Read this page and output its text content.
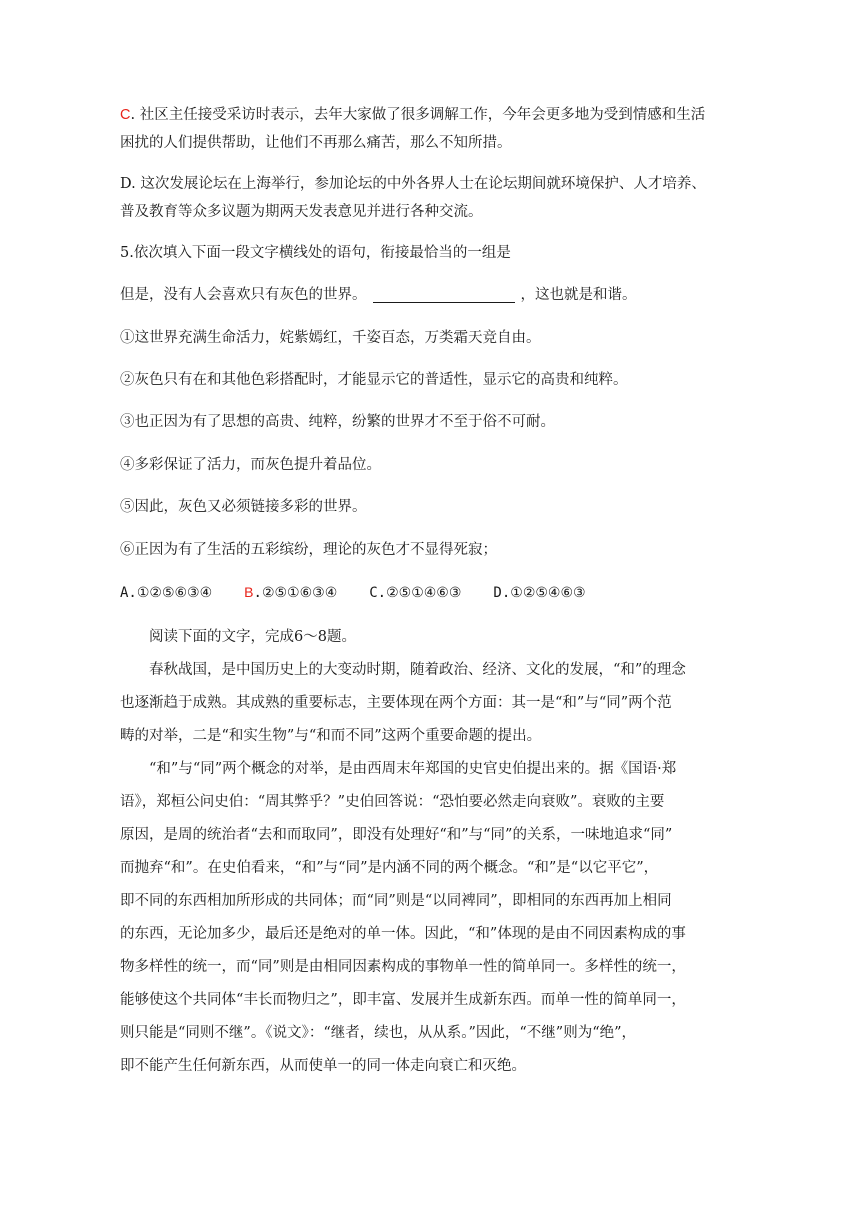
C. 社区主任接受采访时表示，去年大家做了很多调解工作，今年会更多地为受到情感和生活

困扰的人们提供帮助，让他们不再那么痛苦，那么不知所措。

D. 这次发展论坛在上海举行，参加论坛的中外各界人士在论坛期间就环境保护、人才培养、

普及教育等众多议题为期两天发表意见并进行各种交流。

5.依次填入下面一段文字横线处的语句，衔接最恰当的一组是

但是，没有人会喜欢只有灰色的世界。	，这也就是和谐。

①这世界充满生命活力，姹紫嫣红，千姿百态，万类霜天竞自由。

②灰色只有在和其他色彩搭配时，才能显示它的普适性，显示它的高贵和纯粹。

③也正因为有了思想的高贵、纯粹，纷繁的世界才不至于俗不可耐。

④多彩保证了活力，而灰色提升着品位。

⑤因此，灰色又必须链接多彩的世界。

⑥正因为有了生活的五彩缤纷，理论的灰色才不显得死寂；

A.①②⑤⑥③④ B.②⑤①⑥③④ C.②⑤①④⑥③ D.①②⑤④⑥③

阅读下面的文字，完成6～8题。

春秋战国，是中国历史上的大变动时期，随着政治、经济、文化的发展，“和”的理念

也逐渐趋于成熟。其成熟的重要标志，主要体现在两个方面：其一是“和”与“同”两个范

畴的对举，二是“和实生物”与“和而不同”这两个重要命题的提出。

“和”与“同”两个概念的对举，是由西周末年郑国的史官史伯提出来的。据《国语·郑

语》，郑桓公问史伯：“周其弊乎？”史伯回答说：“恐怕要必然走向衰败”。衰败的主要

原因，是周的统治者“去和而取同”，即没有处理好“和”与“同”的关系，一味地追求“同”

而抛弃“和”。在史伯看来，“和”与“同”是内涵不同的两个概念。“和”是“以它平它”，

即不同的东西相加所形成的共同体；而“同”则是“以同裨同”，即相同的东西再加上相同

的东西，无论加多少，最后还是绝对的单一体。因此，“和”体现的是由不同因素构成的事

物多样性的统一，而“同”则是由相同因素构成的事物单一性的简单同一。多样性的统一，

能够使这个共同体“丰长而物归之”，即丰富、发展并生成新东西。而单一性的简单同一，

则只能是“同则不继”。《说文》：“继者，续也，从从系。”因此，“不继”则为“绝”，

即不能产生任何新东西，从而使单一的同一体走向衰亡和灭绝。
